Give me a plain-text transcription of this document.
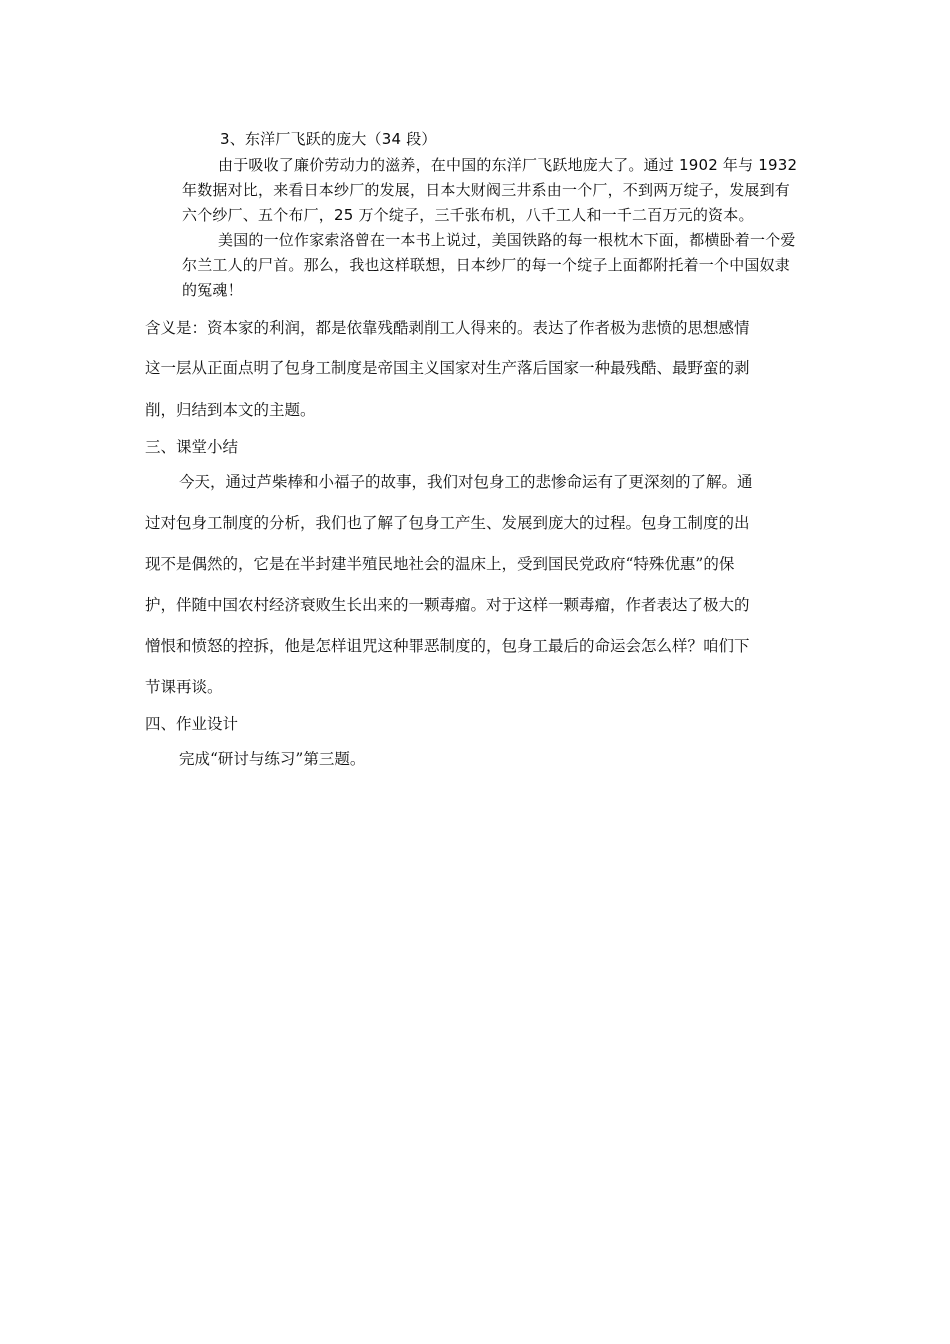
3、东洋厂飞跃的庞大（34 段）
由于吸收了廉价劳动力的滋养，在中国的东洋厂飞跃地庞大了。通过 1902 年与 1932
年数据对比，来看日本纱厂的发展，日本大财阀三井系由一个厂，不到两万绽子，发展到有
六个纱厂、五个布厂，25 万个绽子，三千张布机，八千工人和一千二百万元的资本。
美国的一位作家索洛曾在一本书上说过，美国铁路的每一根枕木下面，都横卧着一个爱
尔兰工人的尸首。那么，我也这样联想，日本纱厂的每一个绽子上面都附托着一个中国奴隶
的冤魂！
含义是：资本家的利润，都是依靠残酷剥削工人得来的。表达了作者极为悲愤的思想感情
这一层从正面点明了包身工制度是帝国主义国家对生产落后国家一种最残酷、最野蛮的剥
削，归结到本文的主题。
三、课堂小结
今天，通过芦柴棒和小福子的故事，我们对包身工的悲惨命运有了更深刻的了解。通
过对包身工制度的分析，我们也了解了包身工产生、发展到庞大的过程。包身工制度的出
现不是偶然的，它是在半封建半殖民地社会的温床上，受到国民党政府“特殊优惠”的保
护，伴随中国农村经济衰败生长出来的一颗毒瘤。对于这样一颗毒瘤，作者表达了极大的
憎恨和愤怒的控拆，他是怎样诅咒这种罪恶制度的，包身工最后的命运会怎么样？咱们下
节课再谈。
四、作业设计
完成“研讨与练习”第三题。
